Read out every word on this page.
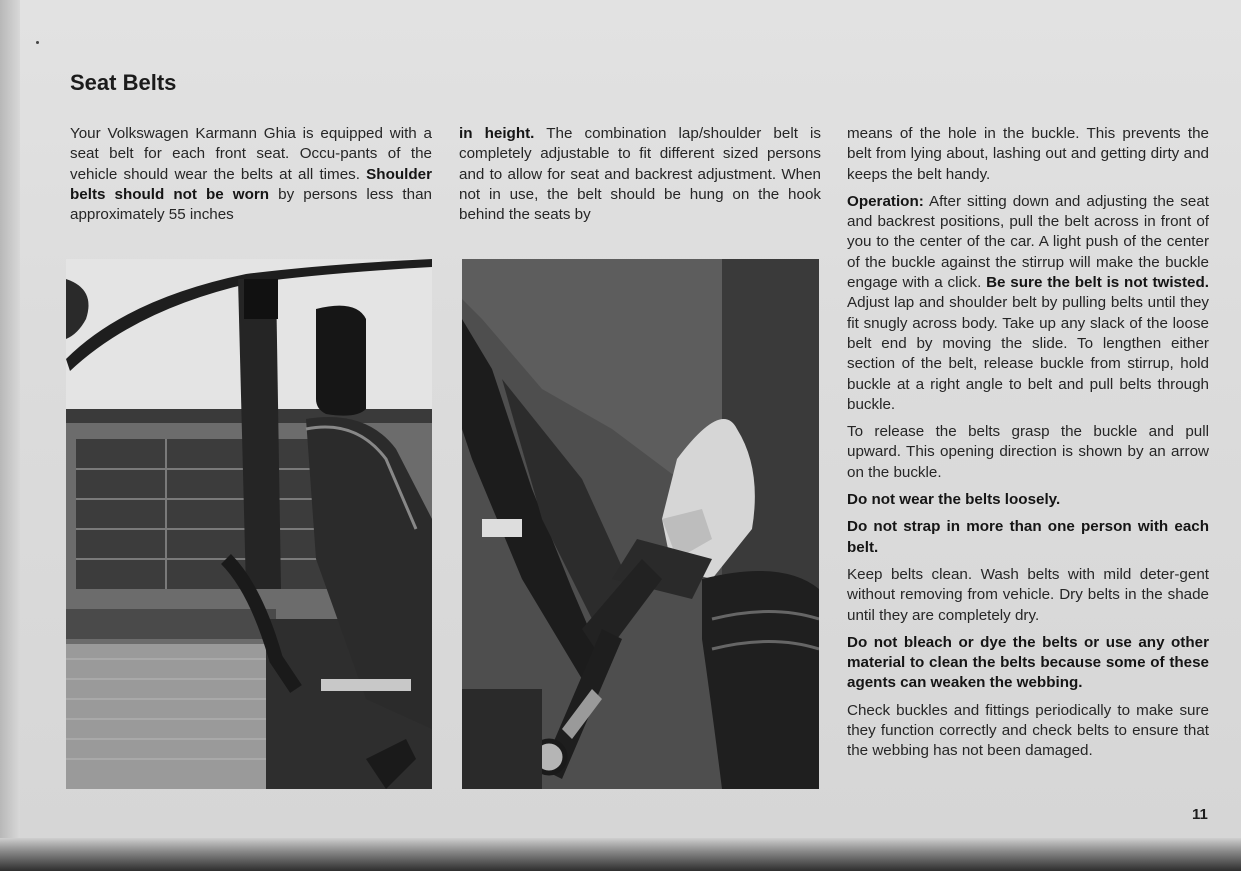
Seat Belts

Your Volkswagen Karmann Ghia is equipped with a seat belt for each front seat. Occu-pants of the vehicle should wear the belts at all times. Shoulder belts should not be worn by persons less than approximately 55 inches

in height. The combination lap/shoulder belt is completely adjustable to fit different sized persons and to allow for seat and backrest adjustment. When not in use, the belt should be hung on the hook behind the seats by

means of the hole in the buckle. This prevents the belt from lying about, lashing out and getting dirty and keeps the belt handy.

Operation: After sitting down and adjusting the seat and backrest positions, pull the belt across in front of you to the center of the car. A light push of the center of the buckle against the stirrup will make the buckle engage with a click. Be sure the belt is not twisted. Adjust lap and shoulder belt by pulling belts until they fit snugly across body. Take up any slack of the loose belt end by moving the slide. To lengthen either section of the belt, release buckle from stirrup, hold buckle at a right angle to belt and pull belts through buckle.

To release the belts grasp the buckle and pull upward. This opening direction is shown by an arrow on the buckle.

Do not wear the belts loosely.

Do not strap in more than one person with each belt.

Keep belts clean. Wash belts with mild deter-gent without removing from vehicle. Dry belts in the shade until they are completely dry.

Do not bleach or dye the belts or use any other material to clean the belts because some of these agents can weaken the webbing.

Check buckles and fittings periodically to make sure they function correctly and check belts to ensure that the webbing has not been damaged.

11
